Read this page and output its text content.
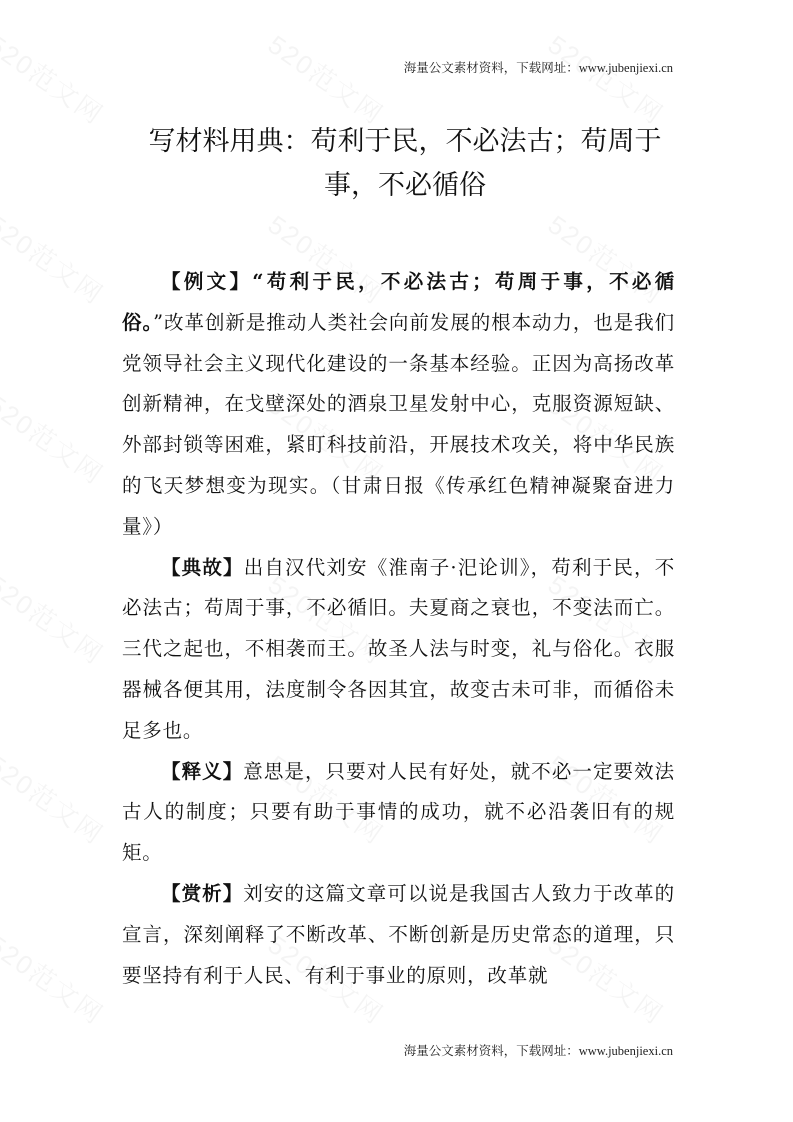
海量公文素材资料，下载网址：www.jubenjiexi.cn
写材料用典：苟利于民，不必法古；苟周于
事，不必循俗

【例文】“苟利于民，不必法古；苟周于事，不必循俗。”改革创新是推动人类社会向前发展的根本动力，也是我们党领导社会主义现代化建设的一条基本经验。正因为高扬改革创新精神，在戈壁深处的酒泉卫星发射中心，克服资源短缺、外部封锁等困难，紧盯科技前沿，开展技术攻关，将中华民族的飞天梦想变为现实。（甘肃日报《传承红色精神凝聚奋进力量》）

【典故】出自汉代刘安《淮南子·汜论训》，苟利于民，不必法古；苟周于事，不必循旧。夫夏商之衰也，不变法而亡。三代之起也，不相袭而王。故圣人法与时变，礼与俗化。衣服器械各便其用，法度制令各因其宜，故变古未可非，而循俗未足多也。

【释义】意思是，只要对人民有好处，就不必一定要效法古人的制度；只要有助于事情的成功，就不必沿袭旧有的规矩。

【赏析】刘安的这篇文章可以说是我国古人致力于改革的宣言，深刻阐释了不断改革、不断创新是历史常态的道理，只要坚持有利于人民、有利于事业的原则，改革就

海量公文素材资料，下载网址：www.jubenjiexi.cn
